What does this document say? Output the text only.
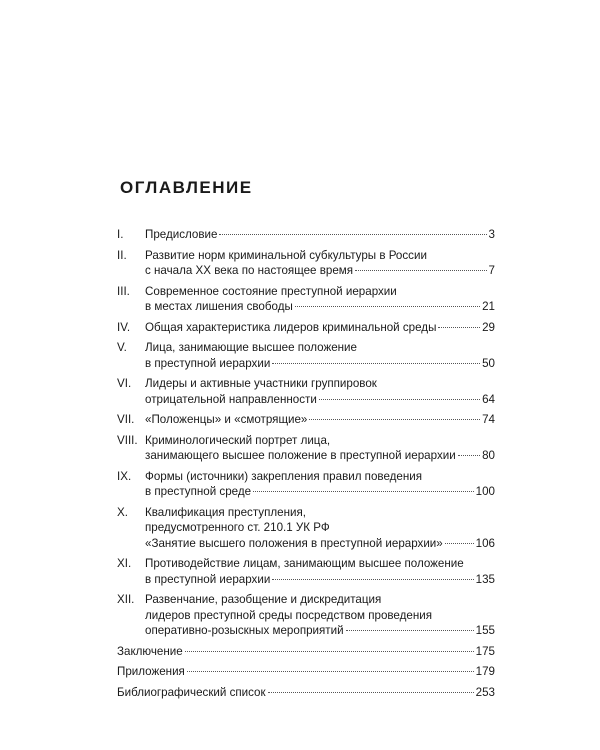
ОГЛАВЛЕНИЕ
I.	Предисловие	3
II.	Развитие норм криминальной субкультуры в России
с начала XX века по настоящее время	7
III.	Современное состояние преступной иерархии
в местах лишения свободы	21
IV.	Общая характеристика лидеров криминальной среды	29
V.	Лица, занимающие высшее положение
в преступной иерархии	50
VI.	Лидеры и активные участники группировок
отрицательной направленности	64
VII. «Положенцы» и «смотрящие»	74
VIII. Криминологический портрет лица,
занимающего высшее положение в преступной иерархии 80
IX.	Формы (источники) закрепления правил поведения
в преступной среде	100
X.	Квалификация преступления,
предусмотренного ст. 210.1 УК РФ
«Занятие высшего положения в преступной иерархии»	106
XI.	Противодействие лицам, занимающим высшее положение
в преступной иерархии	135
XII. Развенчание, разобщение и дискредитация
лидеров преступной среды посредством проведения
оперативно-розыскных мероприятий	155
Заключение	175
Приложения	179
Библиографический список	253
